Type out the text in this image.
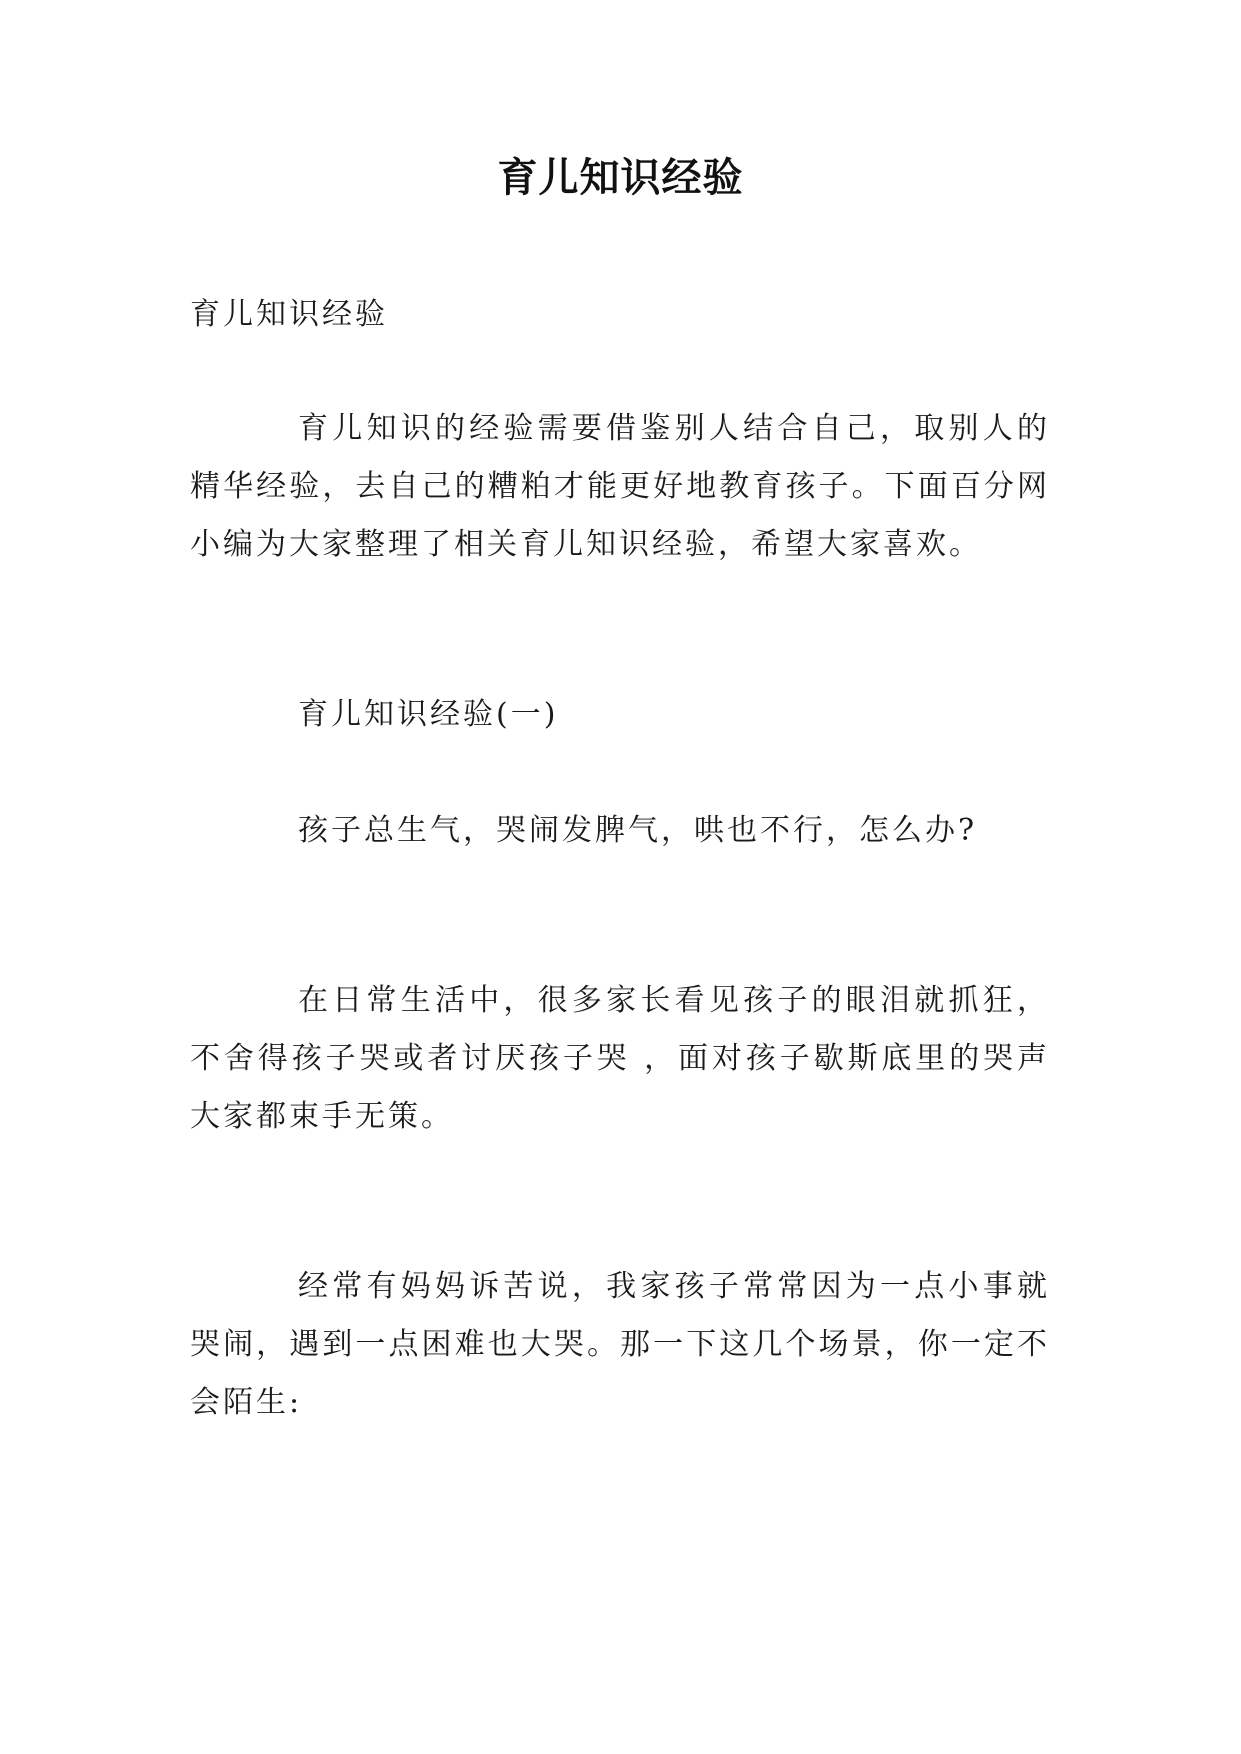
育儿知识经验
育儿知识经验
育儿知识的经验需要借鉴别人结合自己，取别人的精华经验，去自己的糟粕才能更好地教育孩子。下面百分网小编为大家整理了相关育儿知识经验，希望大家喜欢。
育儿知识经验(一)
孩子总生气，哭闹发脾气，哄也不行，怎么办?
在日常生活中，很多家长看见孩子的眼泪就抓狂，不舍得孩子哭或者讨厌孩子哭 ，面对孩子歇斯底里的哭声大家都束手无策。
经常有妈妈诉苦说，我家孩子常常因为一点小事就哭闹，遇到一点困难也大哭。那一下这几个场景，你一定不会陌生:
